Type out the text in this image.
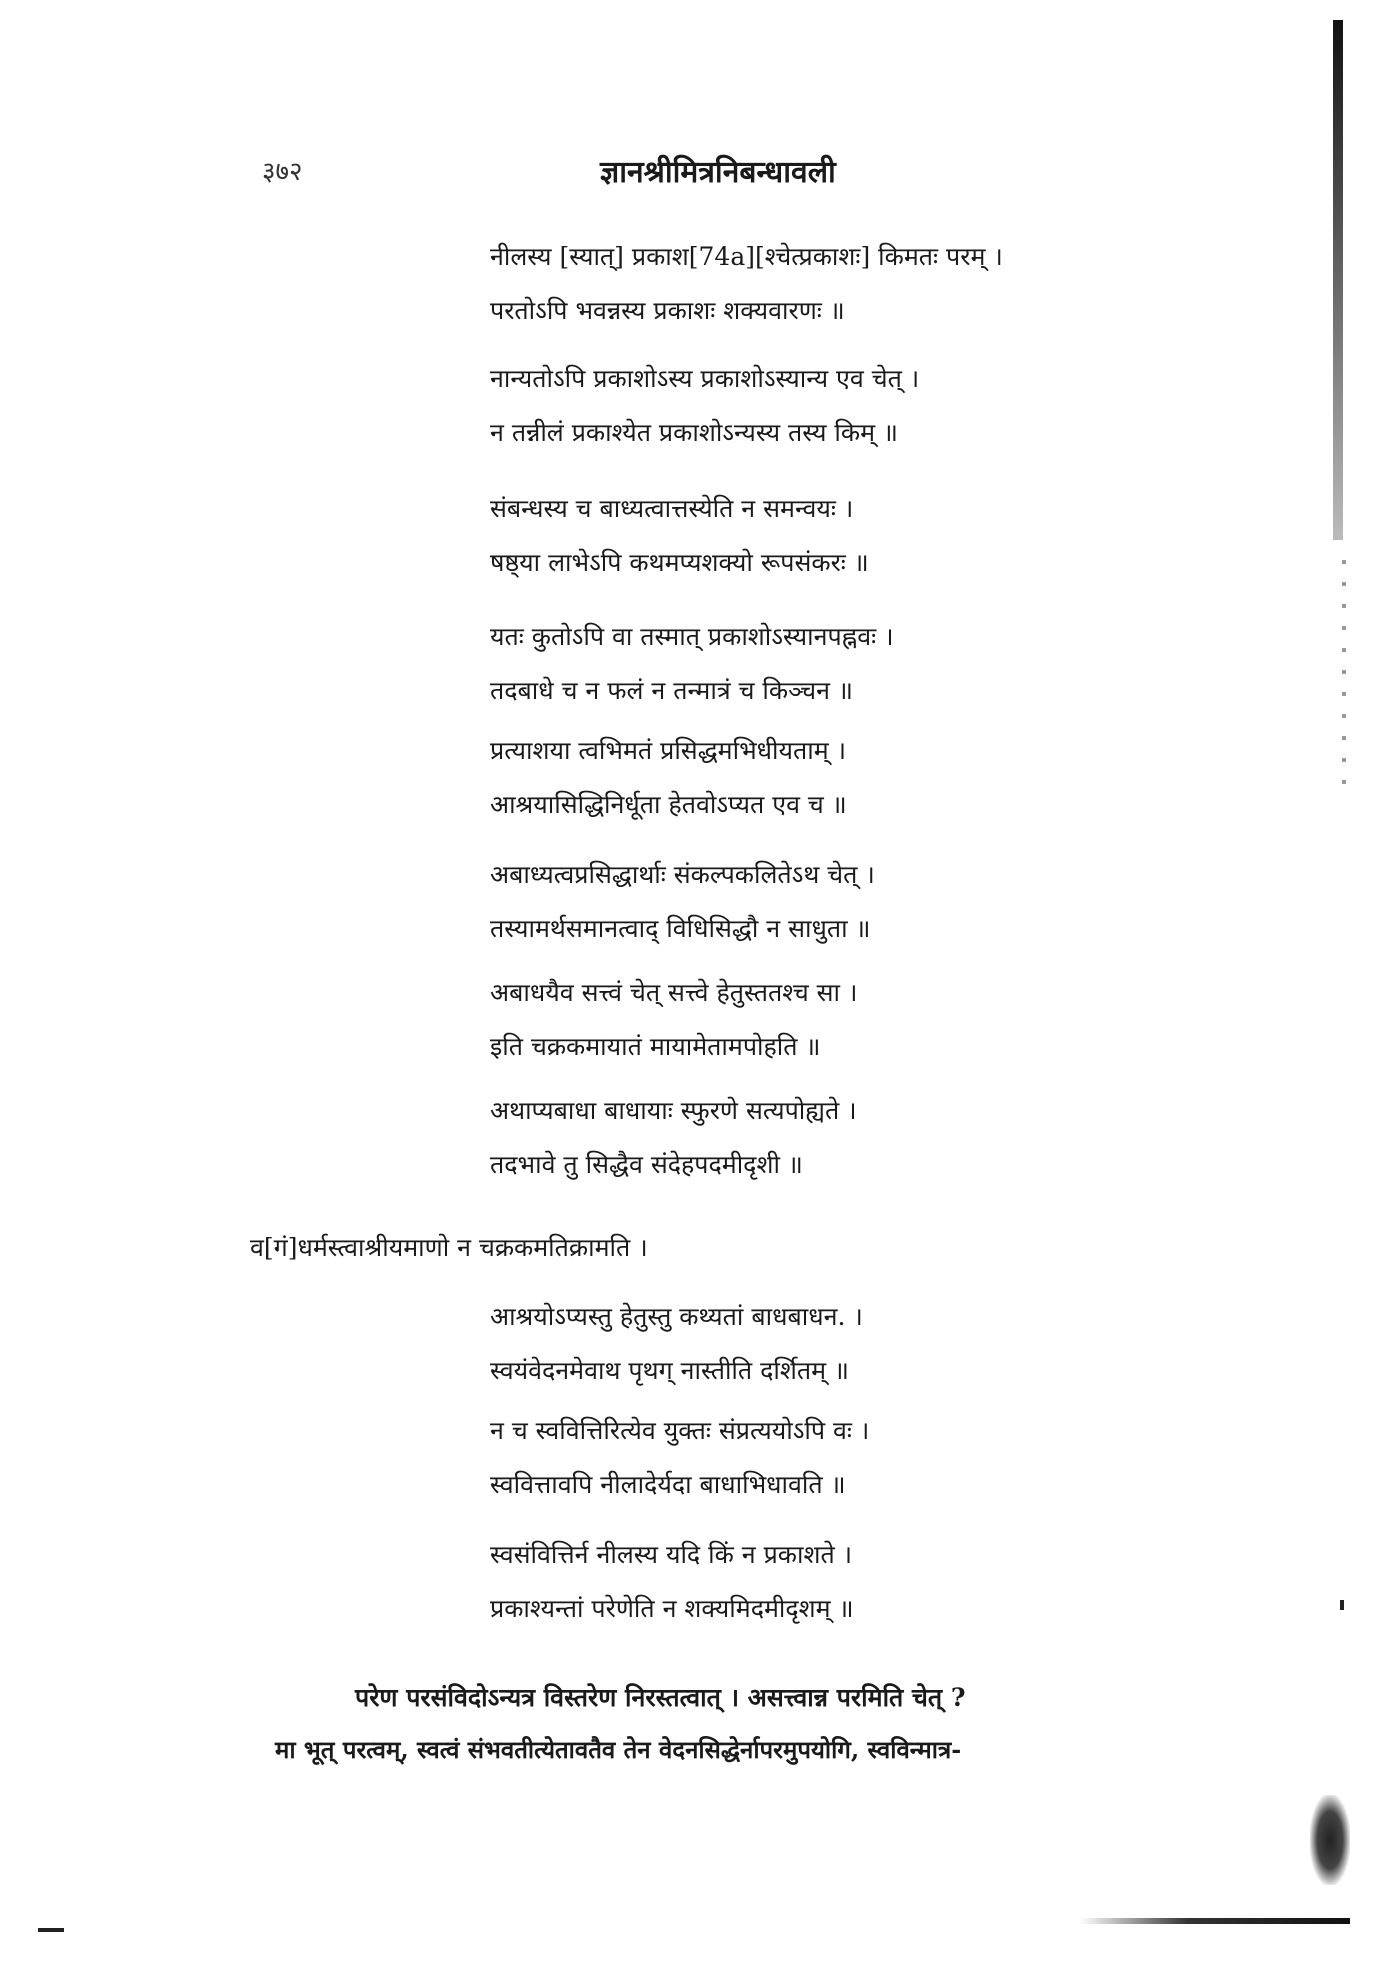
३७२	ज्ञानश्रीमित्रनिबन्धावली
नीलस्य [स्यात्] प्रकाश[74a][श्चेत्प्रकाशः] किमतः परम् ।
परतोऽपि भवन्नस्य प्रकाशः शक्यवारणः ॥
नान्यतोऽपि प्रकाशोऽस्य प्रकाशोऽस्यान्य एव चेत् ।
न तन्नीलं प्रकाश्येत प्रकाशोऽन्यस्य तस्य किम् ॥
संबन्धस्य च बाध्यत्वात्तस्येति न समन्वयः ।
षष्ठ्या लाभेऽपि कथमप्यशक्यो रूपसंकरः ॥
यतः कुतोऽपि वा तस्मात् प्रकाशोऽस्यानपह्नवः ।
तदबाधे च न फलं न तन्मात्रं च किञ्चन ॥
प्रत्याशया त्वभिमतं प्रसिद्धमभिधीयताम् ।
आश्रयासिद्धिनिर्धूता हेतवोऽप्यत एव च ॥
अबाध्यत्वप्रसिद्धार्थाः संकल्पकलितेऽथ चेत् ।
तस्यामर्थसमानत्वाद् विधिसिद्धौ न साधुता ॥
अबाधयैव सत्त्वं चेत् सत्त्वे हेतुस्ततश्च सा ।
इति चक्रकमायातं मायामेतामपोहति ॥
अथाप्यबाधा बाधायाः स्फुरणे सत्यपोह्यते ।
तदभावे तु सिद्धैव संदेहपदमीदृशी ॥
व[गं]धर्मस्त्वाश्रीयमाणो न चक्रकमतिक्रामति ।
आश्रयोऽप्यस्तु हेतुस्तु कथ्यतां बाधबाधन. ।
स्वयंवेदनमेवाथ पृथग् नास्तीति दर्शितम् ॥
न च स्ववित्तिरित्येव युक्तः संप्रत्ययोऽपि वः ।
स्ववित्तावपि नीलादेर्यदा बाधाभिधावति ॥
स्वसंवित्तिर्न नीलस्य यदि किं न प्रकाशते ।
प्रकाश्यन्तां परेणेति न शक्यमिदमीदृशम् ॥
परेण परसंविदोऽन्यत्र विस्तरेण निरस्तत्वात् । असत्त्वान्न परमिति चेत् ?
मा भूत् परत्वम्, स्वत्वं संभवतीत्येतावतैव तेन वेदनसिद्धेर्नापरमुपयोगि, स्वविन्मात्र-
